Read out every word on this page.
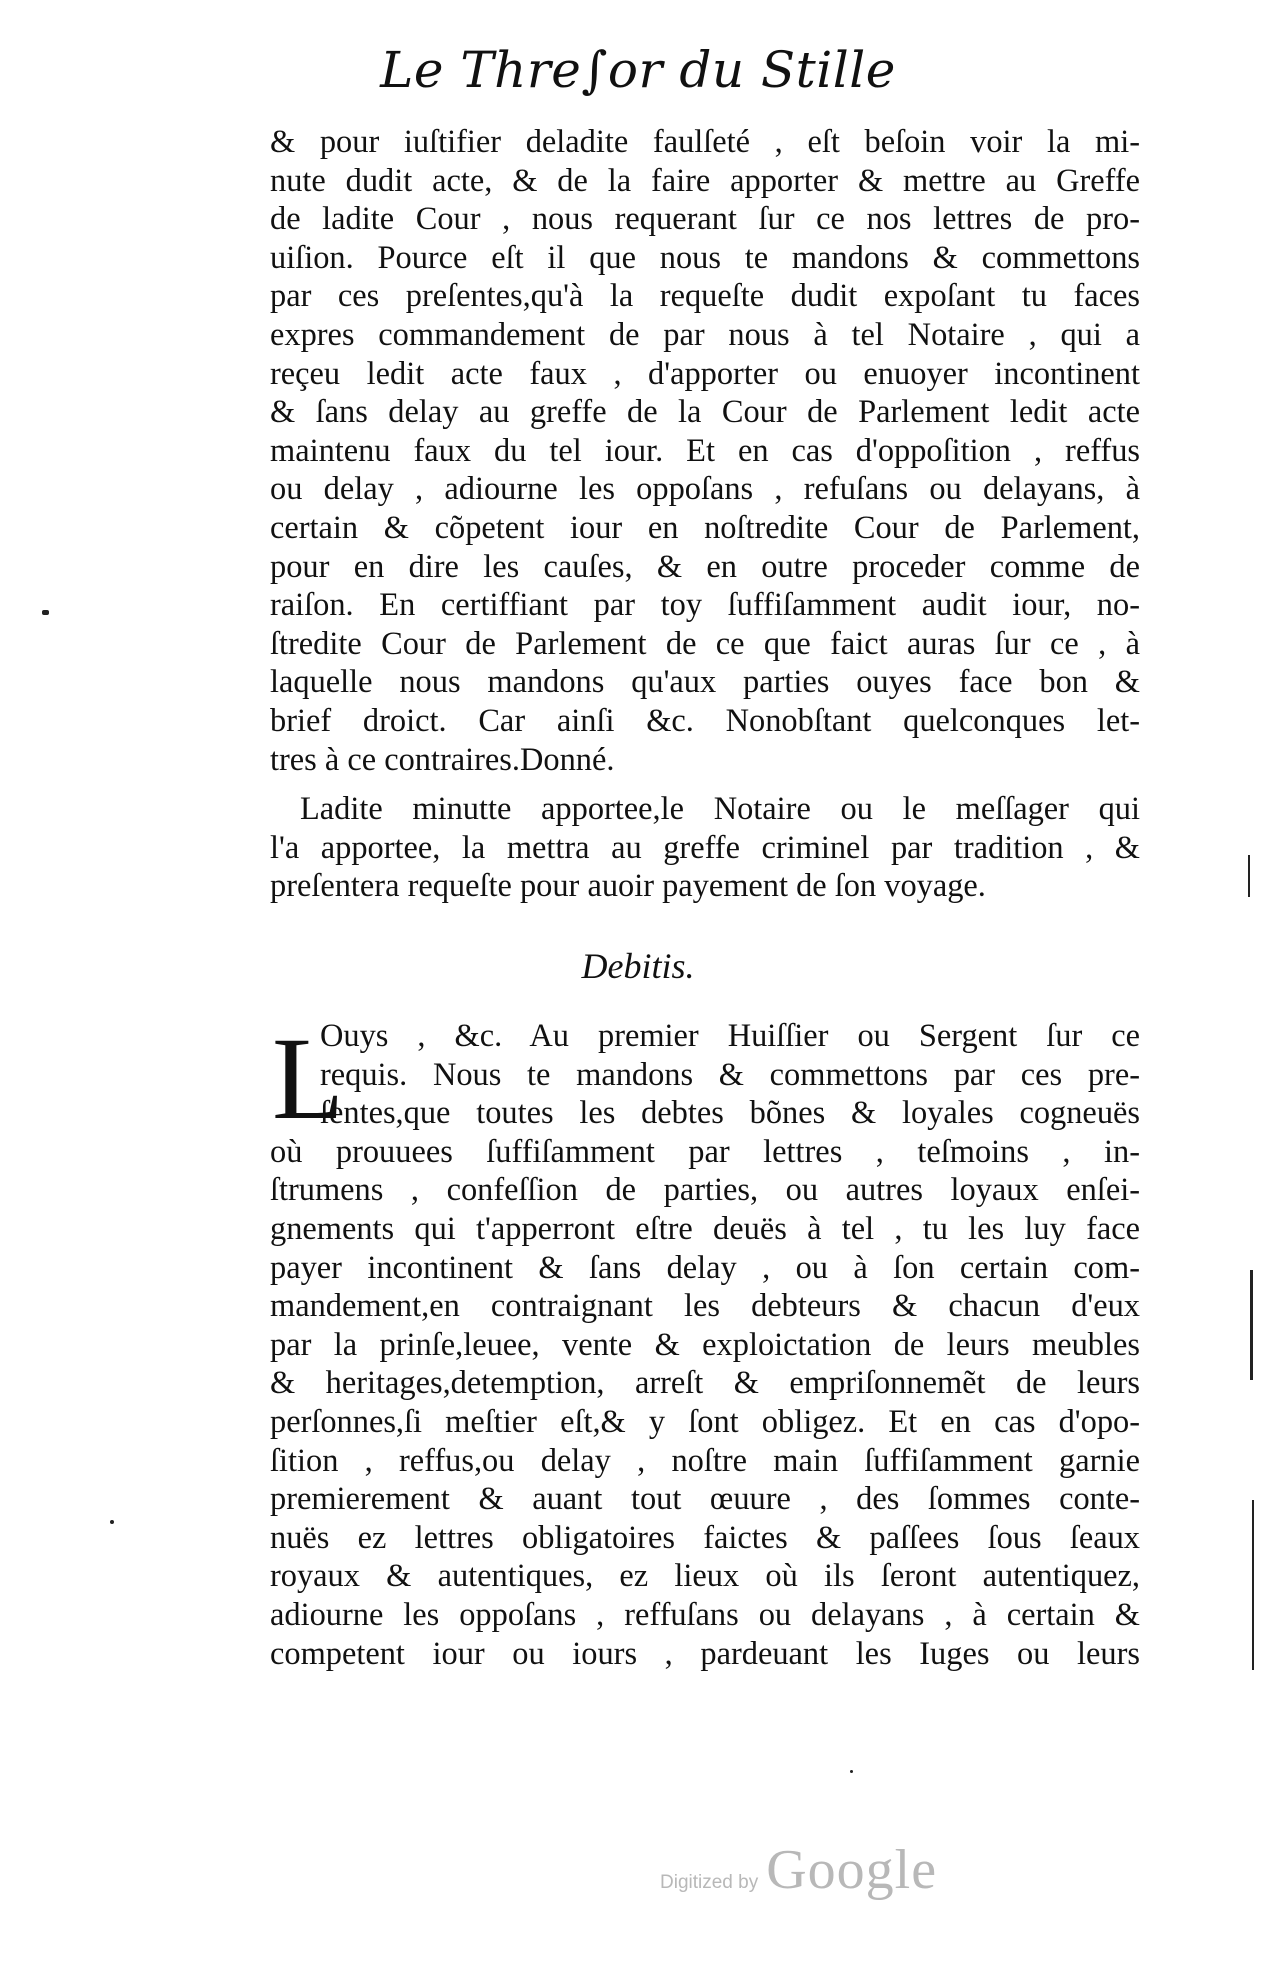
Le Thre∫or du Stille
& pour iuſtifier deladite faulſeté , eſt beſoin voir la mi-
nute dudit acte, & de la faire apporter & mettre au Greffe
de ladite Cour , nous requerant ſur ce nos lettres de pro-
uiſion. Pource eſt il que nous te mandons & commettons
par ces preſentes,qu'à la requeſte dudit expoſant tu faces
expres commandement de par nous à tel Notaire , qui a
reçeu ledit acte faux , d'apporter ou enuoyer incontinent
& ſans delay au greffe de la Cour de Parlement ledit acte
maintenu faux du tel iour. Et en cas d'oppoſition , reffus
ou delay , adiourne les oppoſans , refuſans ou delayans, à
certain & cõpetent iour en noſtredite Cour de Parlement,
pour en dire les cauſes, & en outre proceder comme de
raiſon. En certiffiant par toy ſuffiſamment audit iour, no-
ſtredite Cour de Parlement de ce que faict auras ſur ce , à
laquelle nous mandons qu'aux parties ouyes face bon &
brief droict. Car ainſi &c. Nonobſtant quelconques let-
tres à ce contraires.Donné.
Ladite minutte apportee,le Notaire ou le meſſager qui
l'a apportee, la mettra au greffe criminel par tradition , &
preſentera requeſte pour auoir payement de ſon voyage.
Debitis.
L
Ouys , &c. Au premier Huiſſier ou Sergent ſur ce
requis. Nous te mandons & commettons par ces pre-
ſentes,que toutes les debtes bõnes & loyales cogneuës
où prouuees ſuffiſamment par lettres , teſmoins , in-
ſtrumens , confeſſion de parties, ou autres loyaux enſei-
gnements qui t'apperront eſtre deuës à tel , tu les luy face
payer incontinent & ſans delay , ou à ſon certain com-
mandement,en contraignant les debteurs & chacun d'eux
par la prinſe,leuee, vente & exploictation de leurs meubles
& heritages,detemption, arreſt & empriſonnemẽt de leurs
perſonnes,ſi meſtier eſt,& y ſont obligez. Et en cas d'opo-
ſition , reffus,ou delay , noſtre main ſuffiſamment garnie
premierement & auant tout œuure , des ſommes conte-
nuës ez lettres obligatoires faictes & paſſees ſous ſeaux
royaux & autentiques, ez lieux où ils ſeront autentiquez,
adiourne les oppoſans , reffuſans ou delayans , à certain &
competent iour ou iours , pardeuant les Iuges ou leurs
Digitized by Google
